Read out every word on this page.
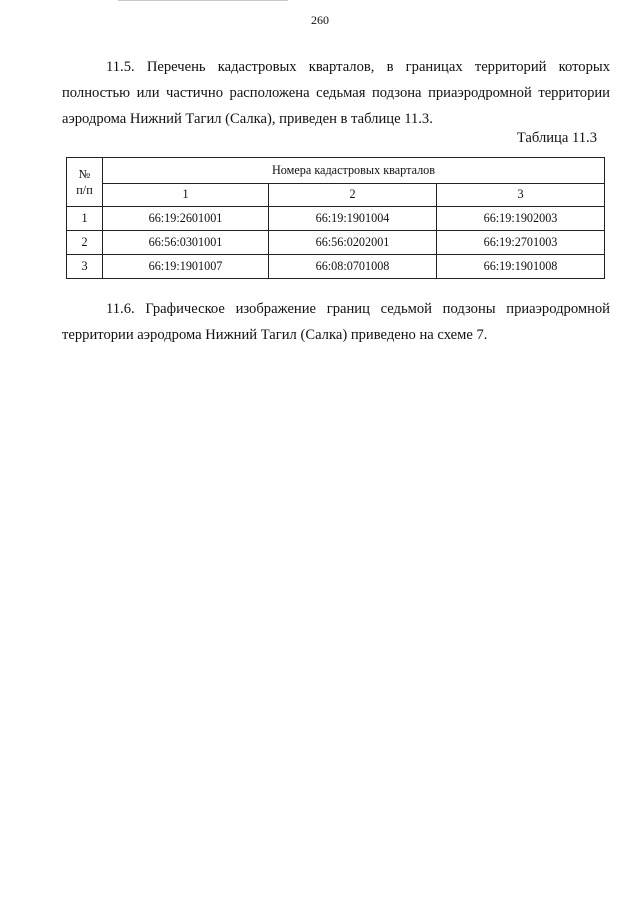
260

11.5. Перечень кадастровых кварталов, в границах территорий которых полностью или частично расположена седьмая подзона приаэродромной территории аэродрома Нижний Тагил (Салка), приведен в таблице 11.3.

Таблица 11.3
№
п/п	Номера кадастровых кварталов		
	1	2	3
1	66:19:2601001	66:19:1901004	66:19:1902003
2	66:56:0301001	66:56:0202001	66:19:2701003
3	66:19:1901007	66:08:0701008	66:19:1901008

11.6. Графическое изображение границ седьмой подзоны приаэродромной территории аэродрома Нижний Тагил (Салка) приведено на схеме 7.
